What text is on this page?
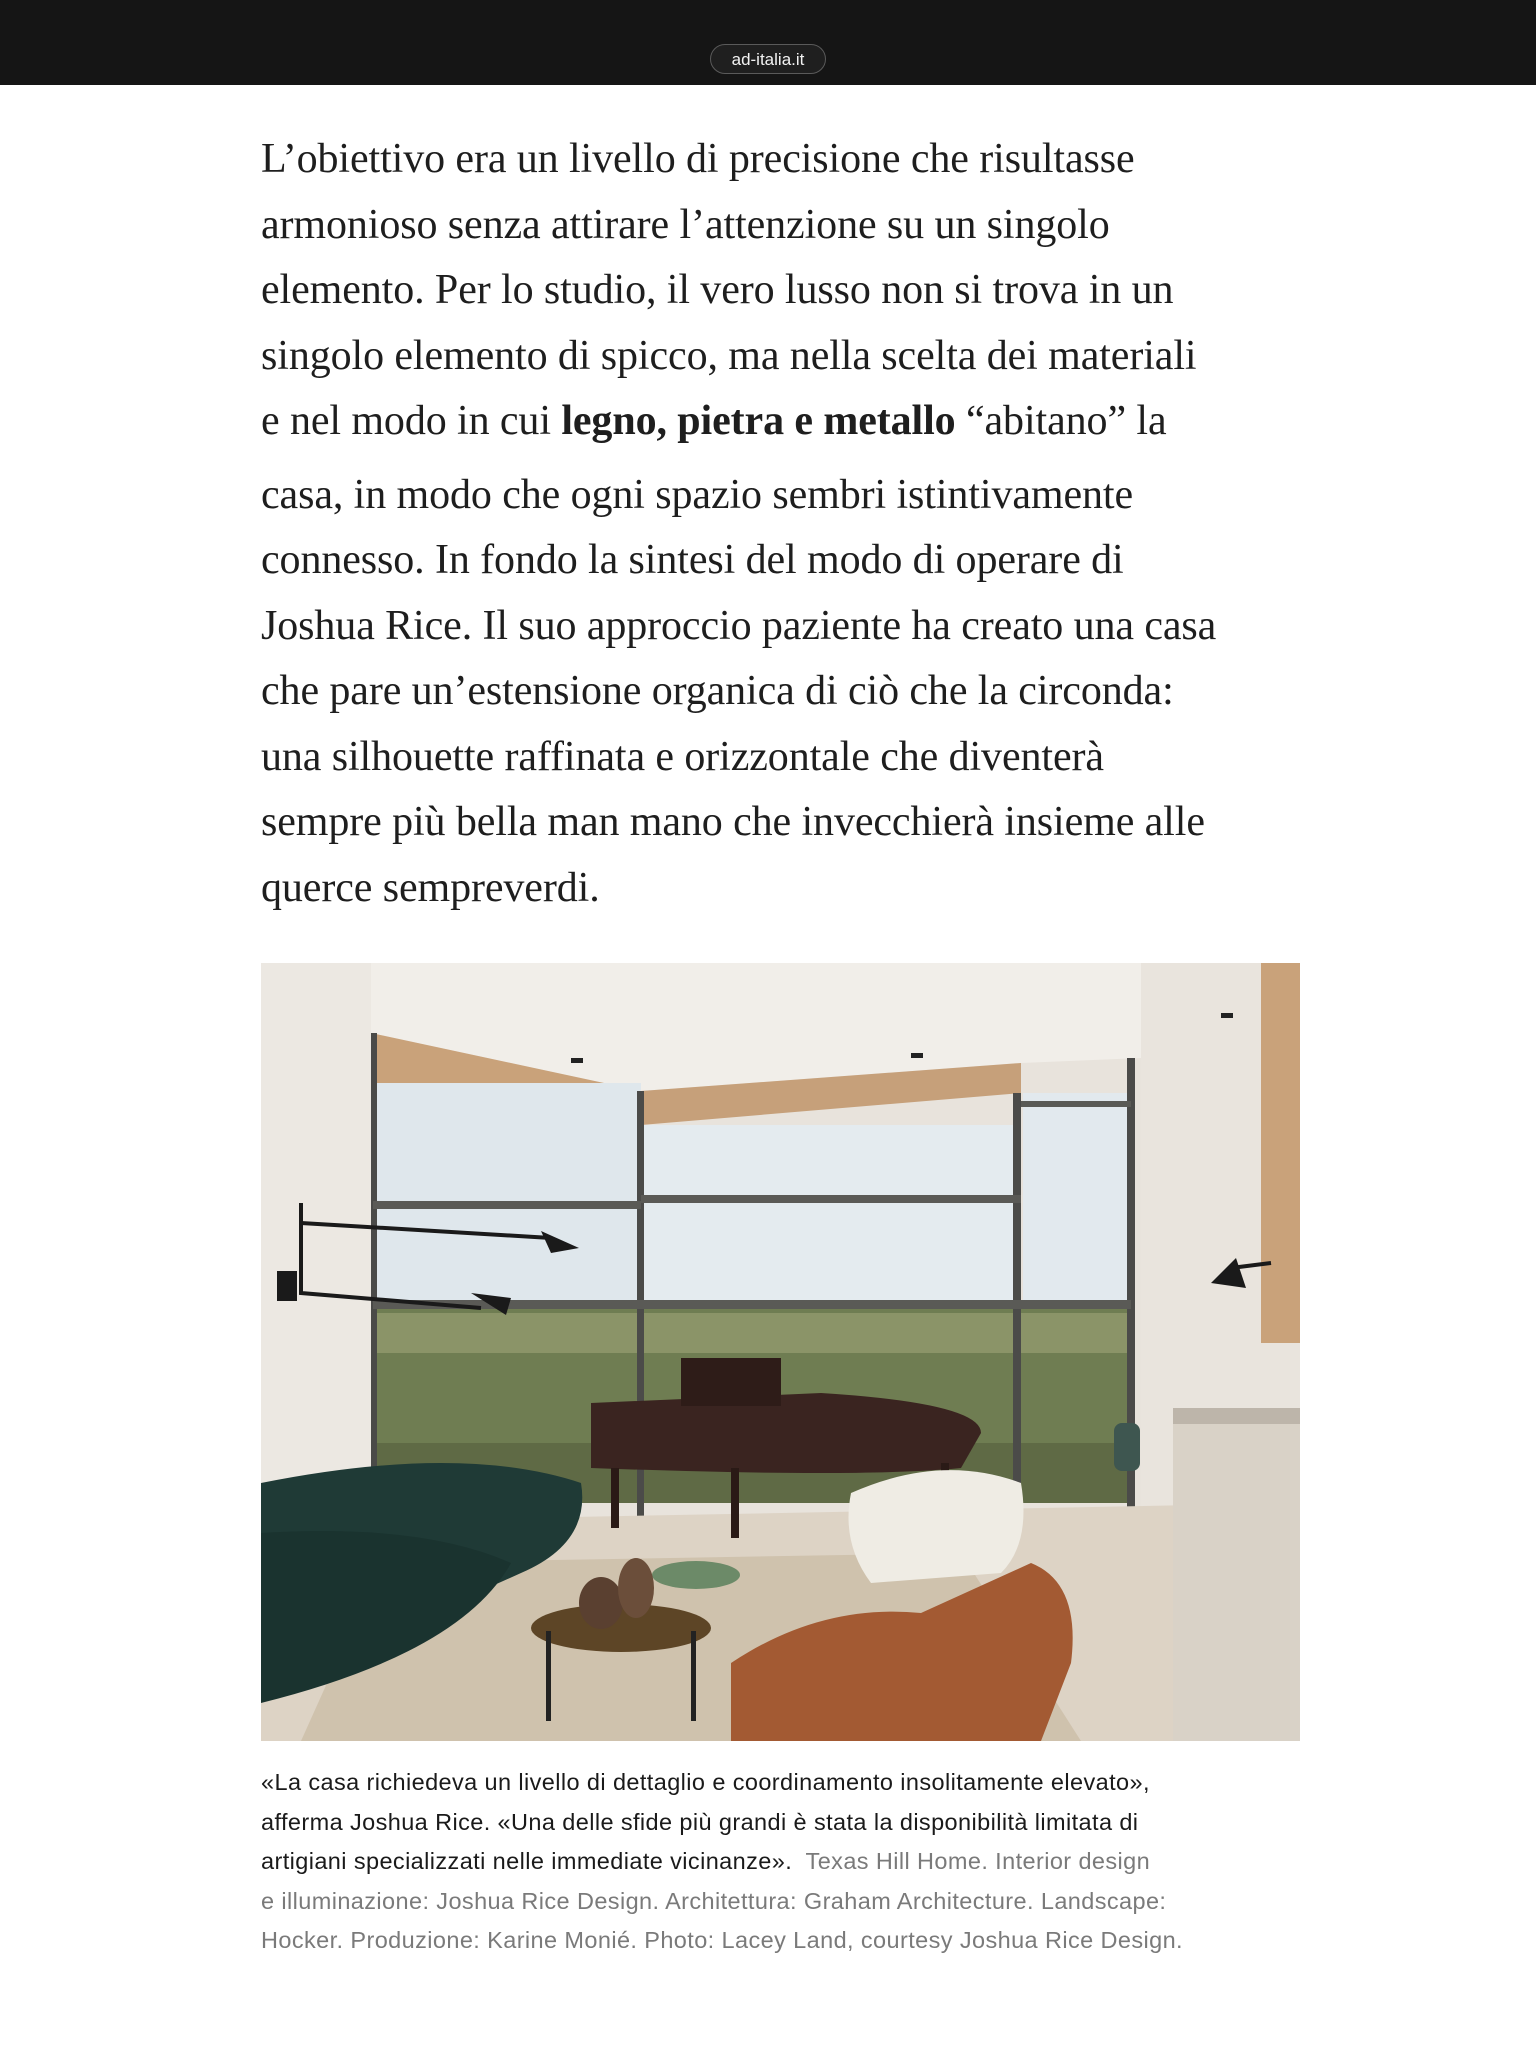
ad-italia.it
L’obiettivo era un livello di precisione che risultasse
armonioso senza attirare l’attenzione su un singolo
elemento. Per lo studio, il vero lusso non si trova in un
singolo elemento di spicco, ma nella scelta dei materiali
e nel modo in cui legno, pietra e metallo “abitano” la
casa, in modo che ogni spazio sembri istintivamente
connesso. In fondo la sintesi del modo di operare di
Joshua Rice. Il suo approccio paziente ha creato una casa
che pare un’estensione organica di ciò che la circonda:
una silhouette raffinata e orizzontale che diventerà
sempre più bella man mano che invecchierà insieme alle
querce sempreverdi.
«La casa richiedeva un livello di dettaglio e coordinamento insolitamente elevato»,
afferma Joshua Rice. «Una delle sfide più grandi è stata la disponibilità limitata di
artigiani specializzati nelle immediate vicinanze».  Texas Hill Home. Interior design
e illuminazione: Joshua Rice Design. Architettura: Graham Architecture. Landscape:
Hocker. Produzione: Karine Monié. Photo: Lacey Land, courtesy Joshua Rice Design.
